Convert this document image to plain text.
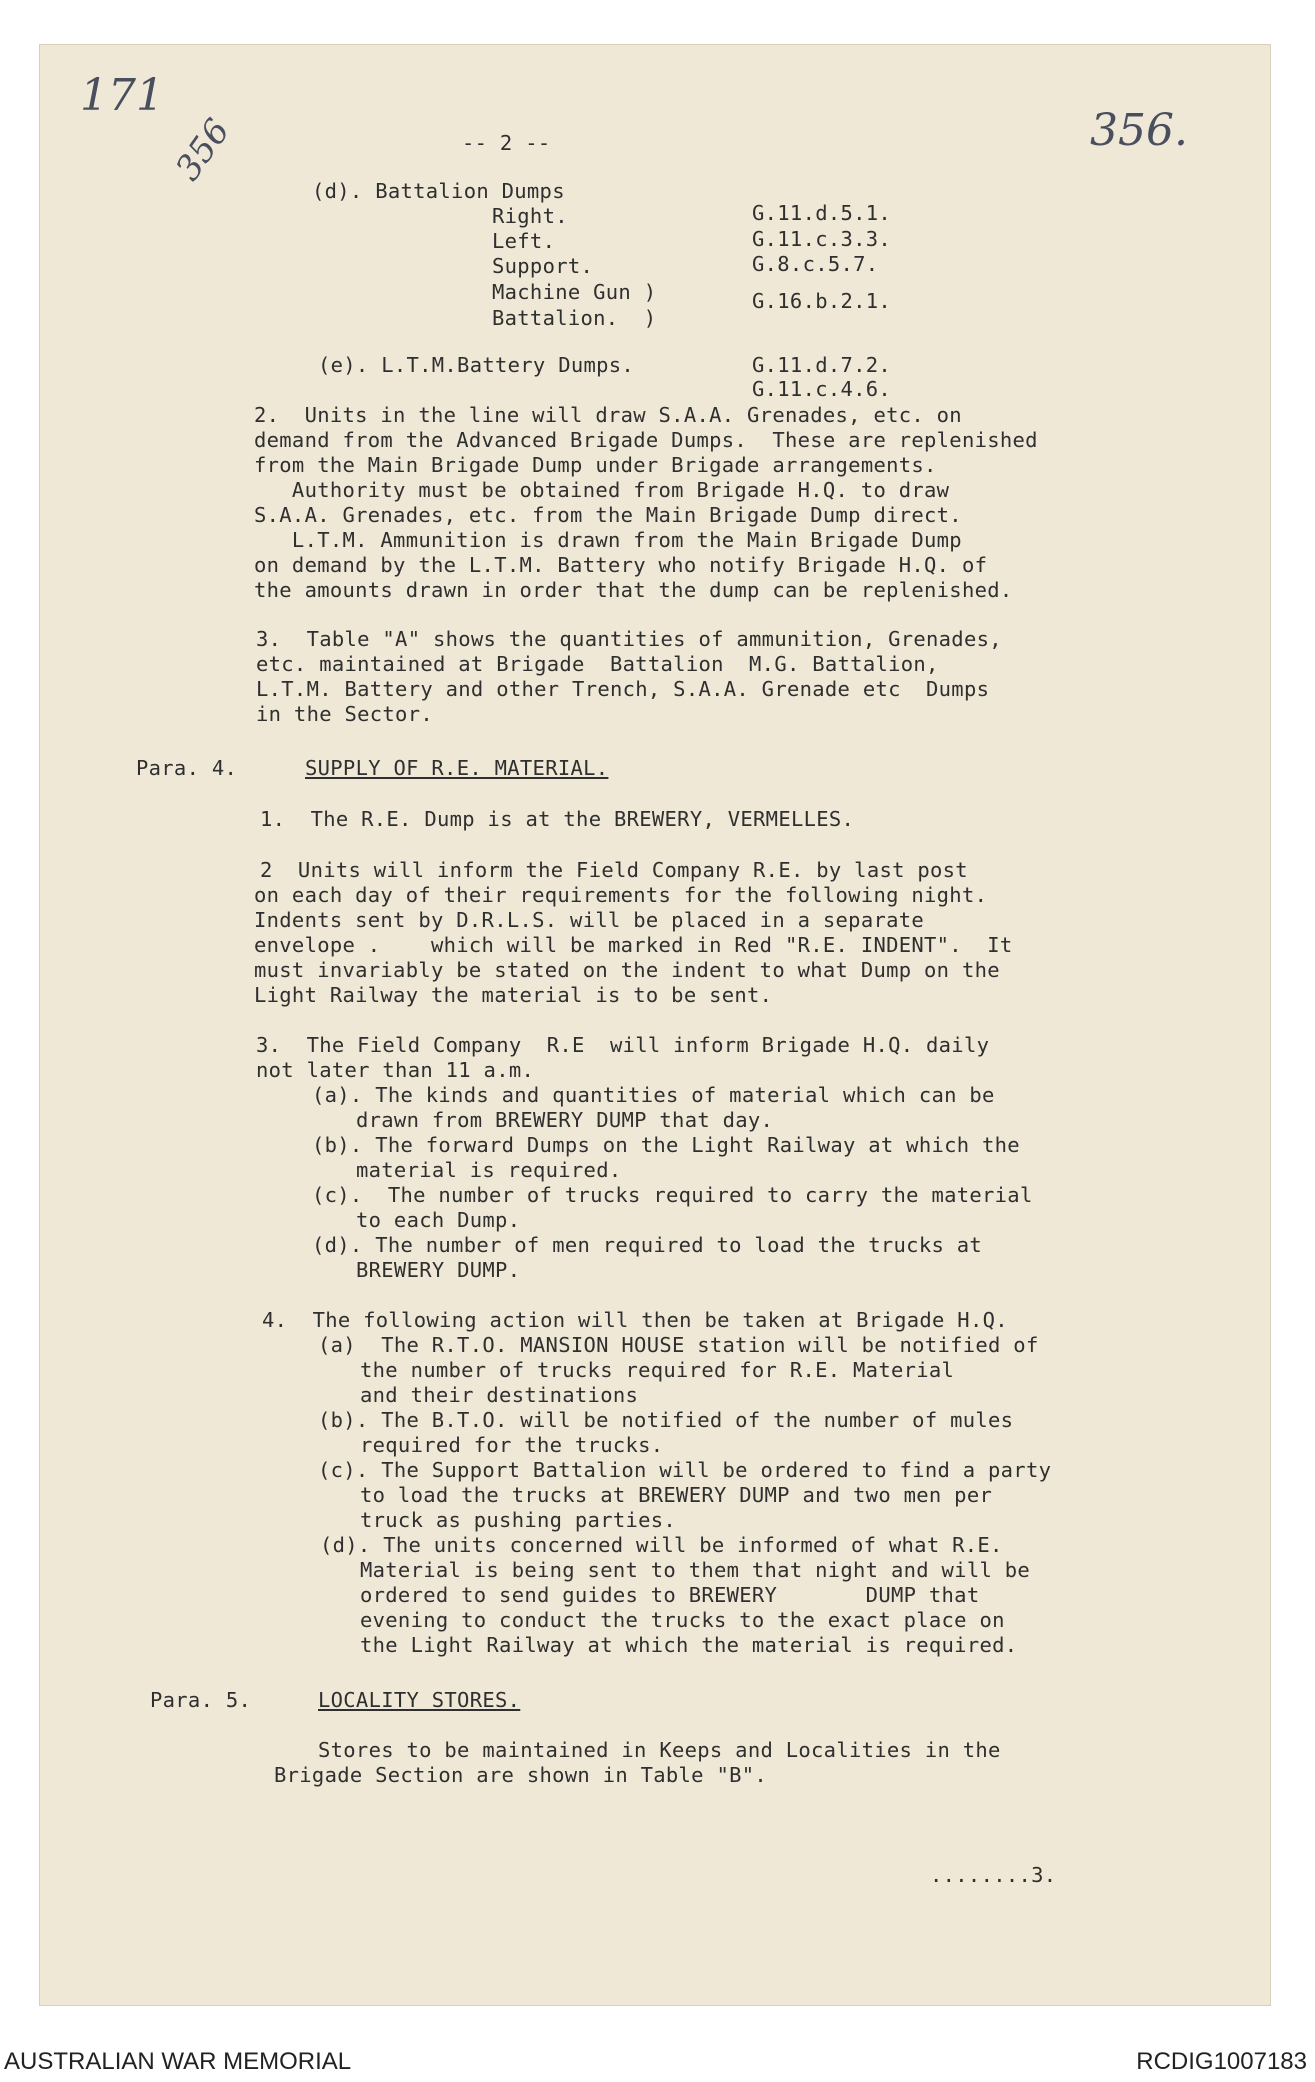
171
356.
356	-- 2 --
(d). Battalion Dumps
Right.	G.11.d.5.1.
Left.	G.11.c.3.3.
Support.	G.8.c.5.7.
Machine Gun )
Battalion.  )
G.16.b.2.1.
(e). L.T.M.Battery Dumps.	G.11.d.7.2.
G.11.c.4.6.
2.  Units in the line will draw S.A.A. Grenades, etc. on
demand from the Advanced Brigade Dumps.  These are replenished
from the Main Brigade Dump under Brigade arrangements.
Authority must be obtained from Brigade H.Q. to draw
S.A.A. Grenades, etc. from the Main Brigade Dump direct.
L.T.M. Ammunition is drawn from the Main Brigade Dump
on demand by the L.T.M. Battery who notify Brigade H.Q. of
the amounts drawn in order that the dump can be replenished.
3.  Table "A" shows the quantities of ammunition, Grenades,
etc. maintained at Brigade  Battalion  M.G. Battalion,
L.T.M. Battery and other Trench, S.A.A. Grenade etc  Dumps
in the Sector.
Para. 4.	SUPPLY OF R.E. MATERIAL.
1.  The R.E. Dump is at the BREWERY, VERMELLES.
2  Units will inform the Field Company R.E. by last post
on each day of their requirements for the following night.
Indents sent by D.R.L.S. will be placed in a separate
envelope .    which will be marked in Red "R.E. INDENT".  It
must invariably be stated on the indent to what Dump on the
Light Railway the material is to be sent.
3.  The Field Company  R.E  will inform Brigade H.Q. daily
not later than 11 a.m.
(a). The kinds and quantities of material which can be
drawn from BREWERY DUMP that day.
(b). The forward Dumps on the Light Railway at which the
material is required.
(c).  The number of trucks required to carry the material
to each Dump.
(d). The number of men required to load the trucks at
BREWERY DUMP.
4.  The following action will then be taken at Brigade H.Q.
(a)  The R.T.O. MANSION HOUSE station will be notified of
the number of trucks required for R.E. Material
and their destinations
(b). The B.T.O. will be notified of the number of mules
required for the trucks.
(c). The Support Battalion will be ordered to find a party
to load the trucks at BREWERY DUMP and two men per
truck as pushing parties.
(d). The units concerned will be informed of what R.E.
Material is being sent to them that night and will be
ordered to send guides to BREWERY       DUMP that
evening to conduct the trucks to the exact place on
the Light Railway at which the material is required.
Para. 5.	LOCALITY STORES.
Stores to be maintained in Keeps and Localities in the
Brigade Section are shown in Table "B".
........3.
AUSTRALIAN WAR MEMORIAL	RCDIG1007183
